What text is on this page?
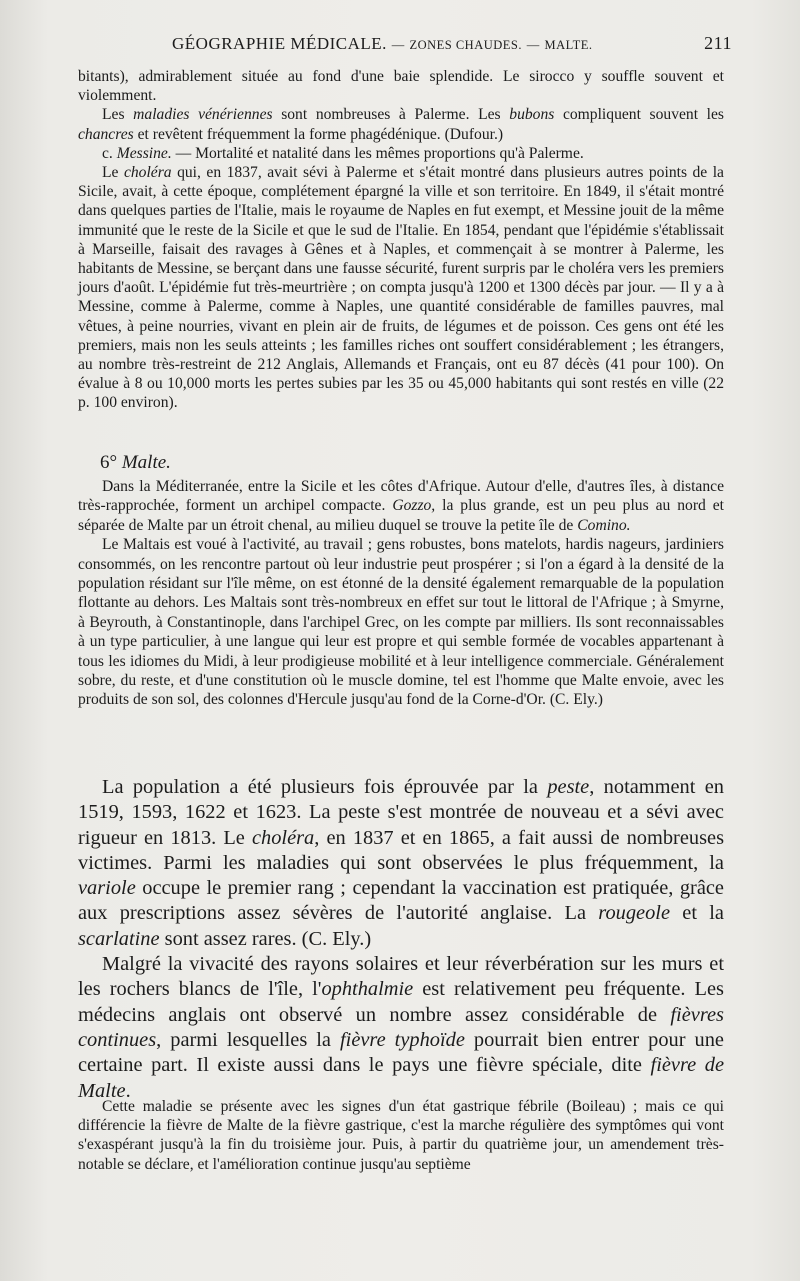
GÉOGRAPHIE MÉDICALE. — ZONES CHAUDES. — MALTE.	211

bitants), admirablement située au fond d'une baie splendide. Le sirocco y souffle souvent et violemment.

Les maladies vénériennes sont nombreuses à Palerme. Les bubons compliquent souvent les chancres et revêtent fréquemment la forme phagédénique. (Dufour.)

c. Messine. — Mortalité et natalité dans les mêmes proportions qu'à Palerme.

Le choléra qui, en 1837, avait sévi à Palerme et s'était montré dans plusieurs autres points de la Sicile, avait, à cette époque, complétement épargné la ville et son territoire. En 1849, il s'était montré dans quelques parties de l'Italie, mais le royaume de Naples en fut exempt, et Messine jouit de la même immunité que le reste de la Sicile et que le sud de l'Italie. En 1854, pendant que l'épidémie s'établissait à Marseille, faisait des ravages à Gênes et à Naples, et commençait à se montrer à Palerme, les habitants de Messine, se berçant dans une fausse sécurité, furent surpris par le choléra vers les premiers jours d'août. L'épidémie fut très-meurtrière ; on compta jusqu'à 1200 et 1300 décès par jour. — Il y a à Messine, comme à Palerme, comme à Naples, une quantité considérable de familles pauvres, mal vêtues, à peine nourries, vivant en plein air de fruits, de légumes et de poisson. Ces gens ont été les premiers, mais non les seuls atteints ; les familles riches ont souffert considérablement ; les étrangers, au nombre très-restreint de 212 Anglais, Allemands et Français, ont eu 87 décès (41 pour 100). On évalue à 8 ou 10,000 morts les pertes subies par les 35 ou 45,000 habitants qui sont restés en ville (22 p. 100 environ).

6° Malte.

Dans la Méditerranée, entre la Sicile et les côtes d'Afrique. Autour d'elle, d'autres îles, à distance très-rapprochée, forment un archipel compacte. Gozzo, la plus grande, est un peu plus au nord et séparée de Malte par un étroit chenal, au milieu duquel se trouve la petite île de Comino.

Le Maltais est voué à l'activité, au travail ; gens robustes, bons matelots, hardis nageurs, jardiniers consommés, on les rencontre partout où leur industrie peut prospérer ; si l'on a égard à la densité de la population résidant sur l'île même, on est étonné de la densité également remarquable de la population flottante au dehors. Les Maltais sont très-nombreux en effet sur tout le littoral de l'Afrique ; à Smyrne, à Beyrouth, à Constantinople, dans l'archipel Grec, on les compte par milliers. Ils sont reconnaissables à un type particulier, à une langue qui leur est propre et qui semble formée de vocables appartenant à tous les idiomes du Midi, à leur prodigieuse mobilité et à leur intelligence commerciale. Généralement sobre, du reste, et d'une constitution où le muscle domine, tel est l'homme que Malte envoie, avec les produits de son sol, des colonnes d'Hercule jusqu'au fond de la Corne-d'Or. (C. Ely.)

La population a été plusieurs fois éprouvée par la peste, notamment en 1519, 1593, 1622 et 1623. La peste s'est montrée de nouveau et a sévi avec rigueur en 1813. Le choléra, en 1837 et en 1865, a fait aussi de nombreuses victimes. Parmi les maladies qui sont observées le plus fréquemment, la variole occupe le premier rang ; cependant la vaccination est pratiquée, grâce aux prescriptions assez sévères de l'autorité anglaise. La rougeole et la scarlatine sont assez rares. (C. Ely.)

Malgré la vivacité des rayons solaires et leur réverbération sur les murs et les rochers blancs de l'île, l'ophthalmie est relativement peu fréquente. Les médecins anglais ont observé un nombre assez considérable de fièvres continues, parmi lesquelles la fièvre typhoïde pourrait bien entrer pour une certaine part. Il existe aussi dans le pays une fièvre spéciale, dite fièvre de Malte.

Cette maladie se présente avec les signes d'un état gastrique fébrile (Boileau) ; mais ce qui différencie la fièvre de Malte de la fièvre gastrique, c'est la marche régulière des symptômes qui vont s'exaspérant jusqu'à la fin du troisième jour. Puis, à partir du quatrième jour, un amendement très-notable se déclare, et l'amélioration continue jusqu'au septième
